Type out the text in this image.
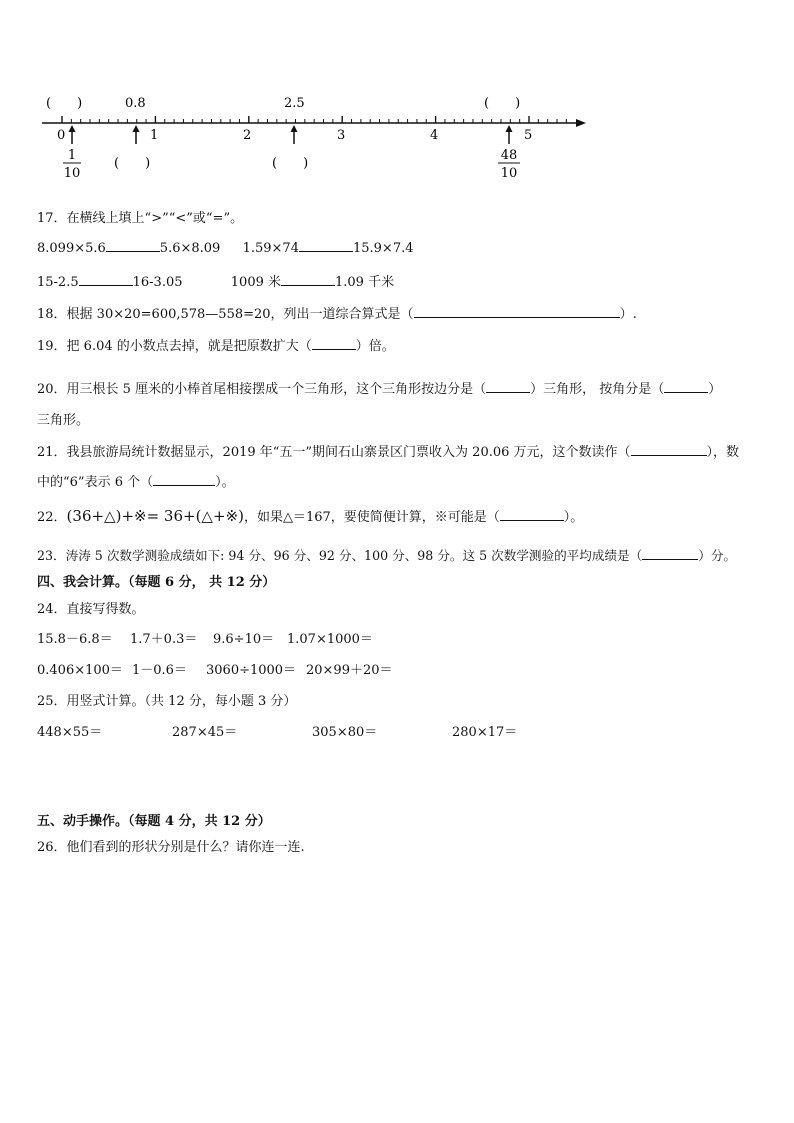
(　　)	0.8	2.5	(　　)
0	1	2	3	4	5
1
10
(　　)	(　　)
48
10
17．在横线上填上“>”“<”或“=”。
8.099×5.6	5.6×8.09 1.59×74	15.9×7.4
15-2.5	16-3.05	1009 米	1.09 千米
18．根据 30×20=600,578—558=20，列出一道综合算式是（	）.
19．把 6.04 的小数点去掉，就是把原数扩大（	）倍。
20．用三根长 5 厘米的小棒首尾相接摆成一个三角形，这个三角形按边分是（	）三角形， 按角分是（	）
三角形。
21．我县旅游局统计数据显示，2019 年“五一”期间石山寨景区门票收入为 20.06 万元，这个数读作（	），数
中的“6”表示 6 个（	）。
22．(36+△)+※= 36+(△+※)，如果△＝167，要使简便计算，※可能是（	）。
23．涛涛 5 次数学测验成绩如下: 94 分、96 分、92 分、100 分、98 分。这 5 次数学测验的平均成绩是（	）分。
四、我会计算。（每题 6 分， 共 12 分）
24．直接写得数。
15.8－6.8＝ 1.7＋0.3＝ 9.6÷10＝ 1.07×1000＝
0.406×100＝ 1－0.6＝ 3060÷1000＝ 20×99＋20＝
25．用竖式计算。（共 12 分，每小题 3 分）
448×55＝	287×45＝	305×80＝	280×17＝
五、动手操作。（每题 4 分，共 12 分）
26．他们看到的形状分别是什么？请你连一连.
